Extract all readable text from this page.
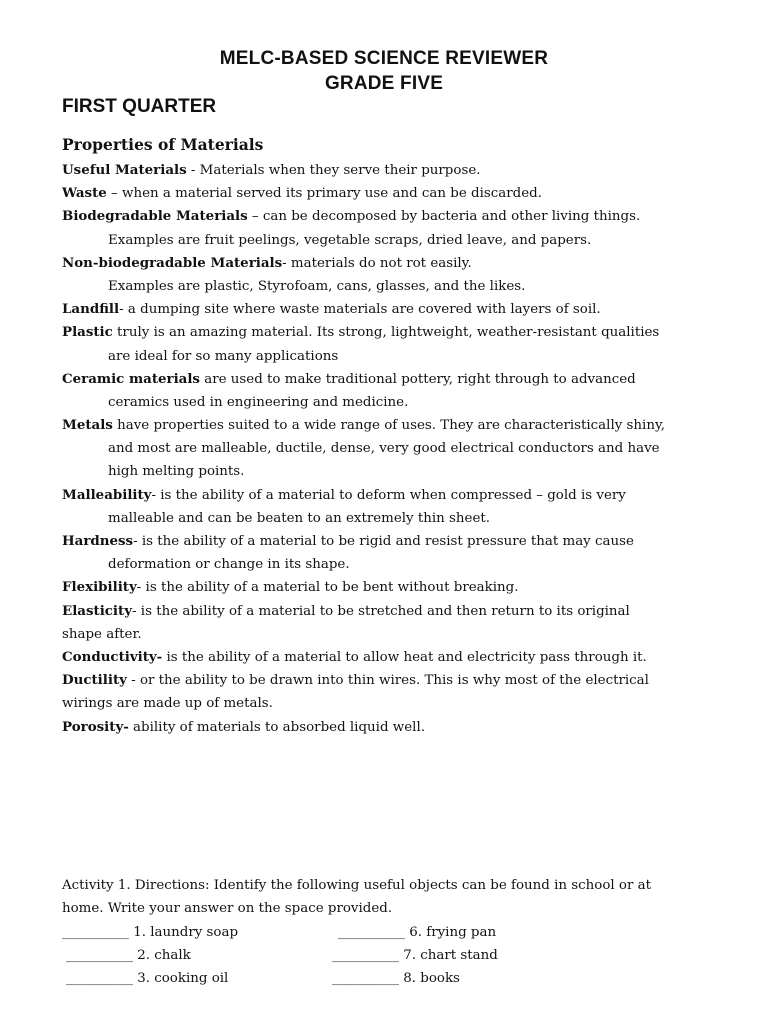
MELC-BASED SCIENCE REVIEWER
GRADE FIVE
FIRST QUARTER
Properties of Materials
Useful Materials - Materials when they serve their purpose.
Waste – when a material served its primary use and can be discarded.
Biodegradable Materials – can be decomposed by bacteria and other living things.
Examples are fruit peelings, vegetable scraps, dried leave, and papers.
Non-biodegradable Materials- materials do not rot easily.
Examples are plastic, Styrofoam, cans, glasses, and the likes.
Landfill- a dumping site where waste materials are covered with layers of soil.
Plastic truly is an amazing material. Its strong, lightweight, weather-resistant qualities
are ideal for so many applications
Ceramic materials are used to make traditional pottery, right through to advanced
ceramics used in engineering and medicine.
Metals have properties suited to a wide range of uses. They are characteristically shiny,
and most are malleable, ductile, dense, very good electrical conductors and have
high melting points.
Malleability- is the ability of a material to deform when compressed – gold is very
malleable and can be beaten to an extremely thin sheet.
Hardness- is the ability of a material to be rigid and resist pressure that may cause
deformation or change in its shape.
Flexibility- is the ability of a material to be bent without breaking.
Elasticity- is the ability of a material to be stretched and then return to its original
shape after.
Conductivity- is the ability of a material to allow heat and electricity pass through it.
Ductility - or the ability to be drawn into thin wires. This is why most of the electrical
wirings are made up of metals.
Porosity- ability of materials to absorbed liquid well.
Activity 1. Directions: Identify the following useful objects can be found in school or at
home. Write your answer on the space provided.
__________ 1. laundry soap	__________ 6. frying pan
__________ 2. chalk	__________ 7. chart stand
__________ 3. cooking oil	__________ 8. books
